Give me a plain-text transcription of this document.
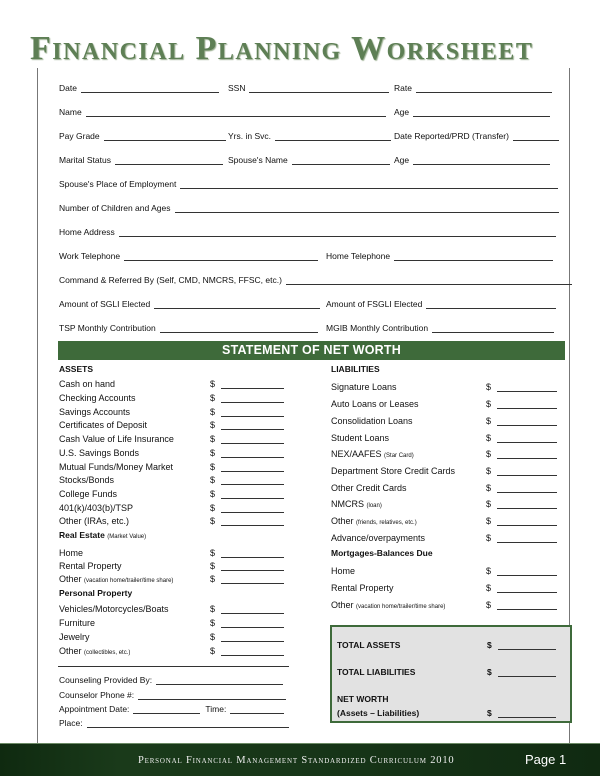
Financial Planning Worksheet
Date	SSN	Rate
Name	Age
Pay Grade	Yrs. in Svc.	Date Reported/PRD (Transfer)
Marital Status	Spouse's Name	Age
Spouse's Place of Employment
Number of Children and Ages
Home Address
Work Telephone	Home Telephone
Command & Referred By (Self, CMD, NMCRS, FFSC, etc.)
Amount of SGLI Elected	Amount of FSGLI Elected
TSP Monthly Contribution	MGIB Monthly Contribution
STATEMENT OF NET WORTH
ASSETS
Cash on hand	$
Checking Accounts	$
Savings Accounts	$
Certificates of Deposit	$
Cash Value of Life Insurance	$
U.S. Savings Bonds	$
Mutual Funds/Money Market	$
Stocks/Bonds	$
College Funds	$
401(k)/403(b)/TSP	$
Other (IRAs, etc.)	$
Real Estate (Market Value)
Home	$
Rental Property	$
Other (vacation home/trailer/time share)	$
Personal Property
Vehicles/Motorcycles/Boats	$
Furniture	$
Jewelry	$
Other (collectibles, etc.)	$
LIABILITIES
Signature Loans	$
Auto Loans or Leases	$
Consolidation Loans	$
Student Loans	$
NEX/AAFES (Star Card)	$
Department Store Credit Cards	$
Other Credit Cards	$
NMCRS (loan)	$
Other (friends, relatives, etc.)	$
Advance/overpayments	$
Mortgages-Balances Due
Home	$
Rental Property	$
Other (vacation home/trailer/time share)	$
Counseling Provided By:
Counselor Phone #:
Appointment Date:	Time:
Place:
TOTAL ASSETS	$
TOTAL LIABILITIES	$
NET WORTH
(Assets – Liabilities)	$
Personal Financial Management Standardized Curriculum 2010	Page 1
